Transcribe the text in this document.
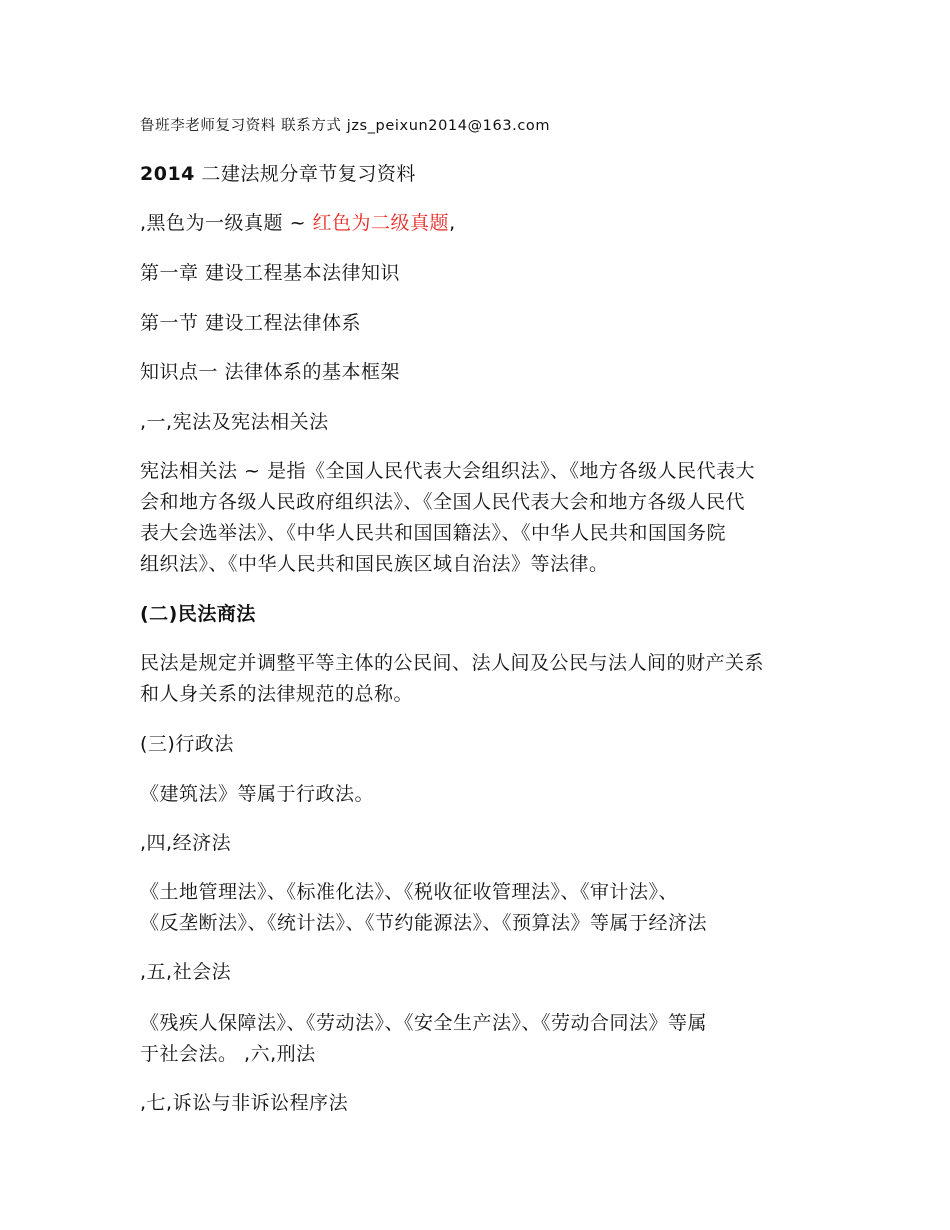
鲁班李老师复习资料 联系方式 jzs_peixun2014@163.com

2014 二建法规分章节复习资料

,黑色为一级真题 ~ 红色为二级真题,

第一章 建设工程基本法律知识

第一节 建设工程法律体系

知识点一 法律体系的基本框架

,一,宪法及宪法相关法

宪法相关法 ~ 是指《全国人民代表大会组织法》、《地方各级人民代表大

会和地方各级人民政府组织法》、《全国人民代表大会和地方各级人民代

表大会选举法》、《中华人民共和国国籍法》、《中华人民共和国国务院

组织法》、《中华人民共和国民族区域自治法》等法律。

(二)民法商法

民法是规定并调整平等主体的公民间、法人间及公民与法人间的财产关系

和人身关系的法律规范的总称。

(三)行政法

《建筑法》等属于行政法。

,四,经济法

《土地管理法》、《标准化法》、《税收征收管理法》、《审计法》、

《反垄断法》、《统计法》、《节约能源法》、《预算法》等属于经济法

,五,社会法

《残疾人保障法》、《劳动法》、《安全生产法》、《劳动合同法》等属

于社会法。 ,六,刑法

,七,诉讼与非诉讼程序法
